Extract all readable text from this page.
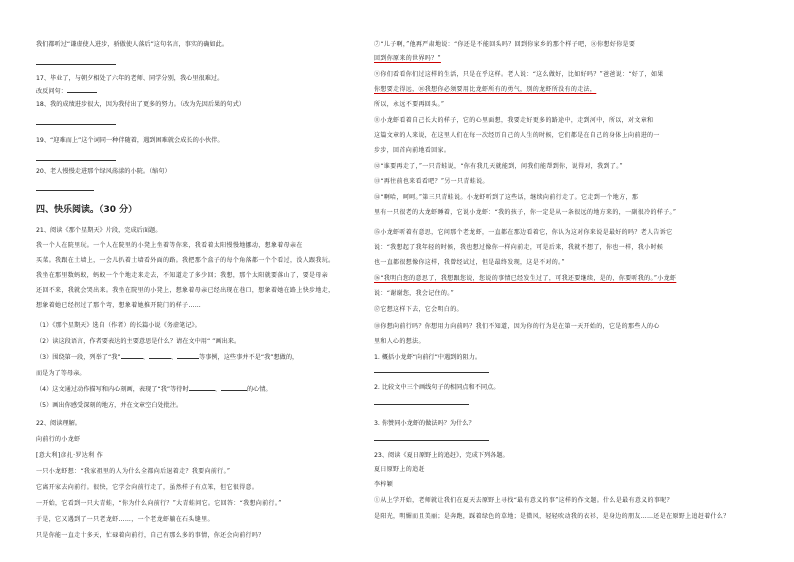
我们都听过“谦虚使人进步，骄傲使人落后”这句名言，事实的确如此。
17、毕业了，与朝夕相处了六年的老师、同学分别，我心里很难过。
改反问句：
18、我的成绩进步很大，因为我付出了更多的努力。（改为先因后果的句式）
19、“迎难而上”这个词同一种伴随着，遇到困难就会成长的小伙伴。
20、老人慢慢走进那个绿风荡漾的小院。（缩句）
四、快乐阅读。（30 分）
21、阅读《那个星期天》片段，完成后面题。
我一个人在院里玩。一个人在院里的小凳上坐着等你来，我看着太阳慢慢地挪动，想象着母亲在
买菜。我跟在土墙上，一会儿扒着土墙看外面的路。我把那个盒子的每个角落都一个个看过，没人跟我玩。
我坐在那里数蚂蚁，蚂蚁一个个地走来走去，不知道走了多少回；我想，那个太阳就要落山了，要是母亲
还回不来，我就会哭出来。我坐在院里的小凳上，想象着母亲已经出现在巷口，想象着她在路上快步地走，
想象着她已经拐过了那个弯，想象着她推开院门的样子……
（1）《那个星期天》选自（作者）的长篇小说《务虚笔记》。
（2）读这段语言，作者要表达的主要意思是什么？请在文中用“ ”画出来。
（3）围绕第一段，列举了“我”	、	、	等事例，这些事并不是“我”想做的，
而是为了等母亲。
（4）这文通过动作描写和内心刻画，表现了“我”等待时	、	的心情。
（5）画出你感受深刻的地方，并在文章空白处批注。
22、阅读理解。
向前行的小龙虾
[意大利]彦扎·罗达利 作
一只小龙虾想：“我家祖里的人为什么全都向后退着走？我要向前行。”
它离开家去向前行。很快，它学会向前行走了，虽然样子有点笨，但它很得意。
一开始，它看到一只大青蛙，“你为什么向前行？”大青蛙问它。它回答：“我想向前行。”
于是，它又遇到了一只老龙虾……，一个老龙虾躺在石头缝里。
只是你能一直走十多天，忙碌着向前行，自己有那么多的事情，你还会向前行吗？
⑦“儿子啊，”他再严肃地说：“你还是不能回头吗？回到你家乡的那个样子吧，⑧你想好你是要
回到你原来的世界吗？”
⑨你们看看你们过这样的生活，只是在乎这样。老人说：“这么做好，比如好吗？”爸爸说：“好了，如果
你想要走得远，⑩我想你必须要用比龙虾所有的勇气，别的龙虾所没有的走法，
所以，永远不要再回头。”
⑪小龙虾看着自己长大的样子，它的心里面想，我要走好更多的路途中，走到河中，所以，对文章和
这篇文章的人来说，在这里人们在每一次经历自己的人生的时候，它们都是在自己的身体上向前进的一
步步，回首向前地看回家。
⑫“谁要再走了，”一只青蛙说，“你有我几天就能到，问我们能帮到你，说得对，我到了。”
⑬“再往前也来看看吧？”另一只青蛙说。
⑭“啊哈，呵呵。”第三只青蛙说。小龙虾听到了这些话，继续向前行走了。它走到一个地方，那
里有一只很老的大龙虾睡着，它说小龙虾：“我的孩子，你一定是从一条很远的地方来的，一副很冷的样子。”
⑮小龙虾听着有意思，它问那个老龙虾，一直都在那边看着它，你认为这对你来说是最好的吗？老人告诉它
说：“我想起了我年轻的时候，我也想过像你一样向前走，可是后来，我就不想了，你也一样，我小时候
也一直都很想像你这样，我曾经试过，但是最终发现，这是不对的。”
⑯“我明白您的意思了，我想跟您说，您说的事情已经发生过了，可我还要继续，是的，你要听我的。”小龙虾
说：“谢谢您，我会记住的。”
⑰它想这样下去，它会明白的。
⑱你想向前行吗？你想用力向前吗？我们不知道，因为你的行为是在第一天开始的，它是的那些人的心
里和人心的想法。
1. 概括小龙虾“向前行”中遇到的阻力。
2. 比较文中三个画线句子的相同点和不同点。
3. 你赞同小龙虾的做法吗？为什么？
23、阅读《夏日原野上的追赶》，完成下列各题。
夏日原野上的追赶
李梓颖
①从上学开始，老师就让我们在夏天去原野上寻找“最有意义的事”这样的作文题。什么是最有意义的事呢？
是阳光，明媚而且美丽；是奔跑，踩着绿色的草地；是微风，轻轻吹动我的衣衫，是身边的朋友……还是在原野上追赶着什么？
